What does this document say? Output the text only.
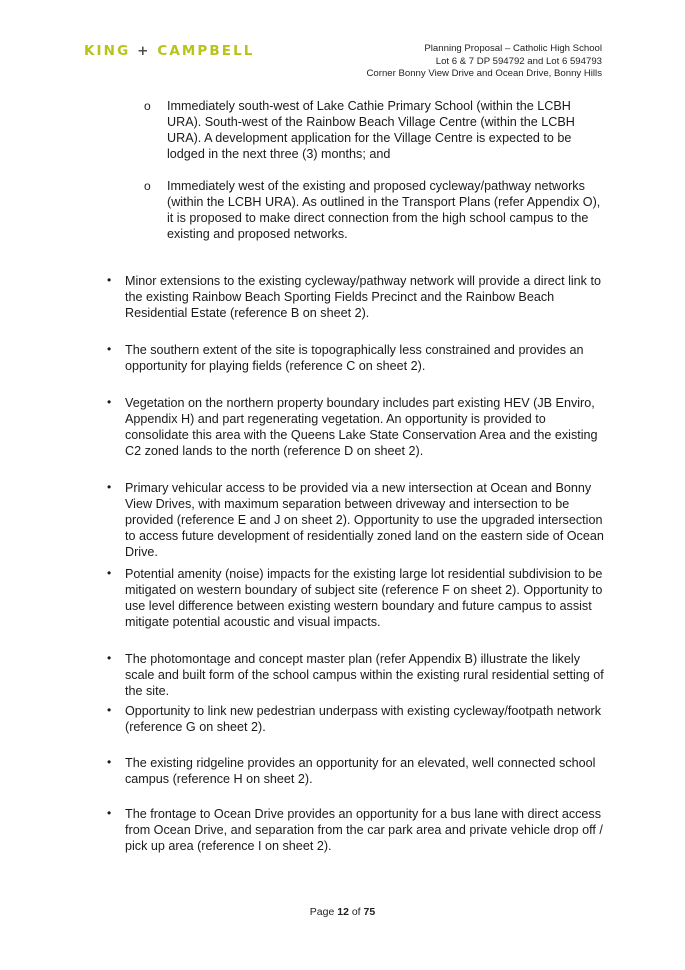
KING + CAMPBELL	Planning Proposal – Catholic High School
Lot 6 & 7 DP 594792 and Lot 6 594793
Corner Bonny View Drive and Ocean Drive, Bonny Hills
o Immediately south-west of Lake Cathie Primary School (within the LCBH URA). South-west of the Rainbow Beach Village Centre (within the LCBH URA). A development application for the Village Centre is expected to be lodged in the next three (3) months; and
o Immediately west of the existing and proposed cycleway/pathway networks (within the LCBH URA). As outlined in the Transport Plans (refer Appendix O), it is proposed to make direct connection from the high school campus to the existing and proposed networks.
• Minor extensions to the existing cycleway/pathway network will provide a direct link to the existing Rainbow Beach Sporting Fields Precinct and the Rainbow Beach Residential Estate (reference B on sheet 2).
• The southern extent of the site is topographically less constrained and provides an opportunity for playing fields (reference C on sheet 2).
• Vegetation on the northern property boundary includes part existing HEV (JB Enviro, Appendix H) and part regenerating vegetation. An opportunity is provided to consolidate this area with the Queens Lake State Conservation Area and the existing C2 zoned lands to the north (reference D on sheet 2).
• Primary vehicular access to be provided via a new intersection at Ocean and Bonny View Drives, with maximum separation between driveway and intersection to be provided (reference E and J on sheet 2). Opportunity to use the upgraded intersection to access future development of residentially zoned land on the eastern side of Ocean Drive.
• Potential amenity (noise) impacts for the existing large lot residential subdivision to be mitigated on western boundary of subject site (reference F on sheet 2). Opportunity to use level difference between existing western boundary and future campus to assist mitigate potential acoustic and visual impacts.
• The photomontage and concept master plan (refer Appendix B) illustrate the likely scale and built form of the school campus within the existing rural residential setting of the site.
• Opportunity to link new pedestrian underpass with existing cycleway/footpath network (reference G on sheet 2).
• The existing ridgeline provides an opportunity for an elevated, well connected school campus (reference H on sheet 2).
• The frontage to Ocean Drive provides an opportunity for a bus lane with direct access from Ocean Drive, and separation from the car park area and private vehicle drop off / pick up area (reference I on sheet 2).
Page 12 of 75
